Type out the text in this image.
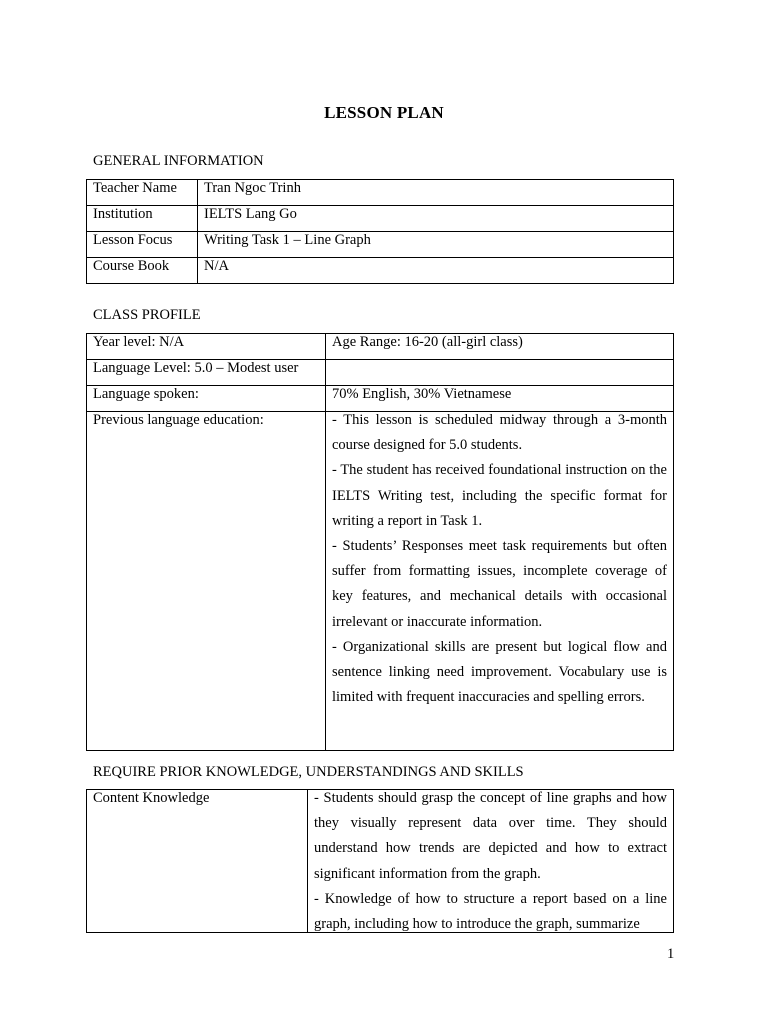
LESSON PLAN
GENERAL INFORMATION
Teacher Name	Tran Ngoc Trinh
Institution	IELTS Lang Go
Lesson Focus	Writing Task 1 – Line Graph
Course Book	N/A
CLASS PROFILE
Year level: N/A	Age Range: 16-20 (all-girl class)
Language Level: 5.0 – Modest user	
Language spoken:	70% English, 30% Vietnamese
Previous language education:	- This lesson is scheduled midway through a 3-month course designed for 5.0 students.
- The student has received foundational instruction on the IELTS Writing test, including the specific format for writing a report in Task 1.
- Students’ Responses meet task requirements but often suffer from formatting issues, incomplete coverage of key features, and mechanical details with occasional irrelevant or inaccurate information.
- Organizational skills are present but logical flow and sentence linking need improvement. Vocabulary use is limited with frequent inaccuracies and spelling errors.
REQUIRE PRIOR KNOWLEDGE, UNDERSTANDINGS AND SKILLS
Content Knowledge	- Students should grasp the concept of line graphs and how they visually represent data over time. They should understand how trends are depicted and how to extract significant information from the graph.
- Knowledge of how to structure a report based on a line graph, including how to introduce the graph, summarize
1
